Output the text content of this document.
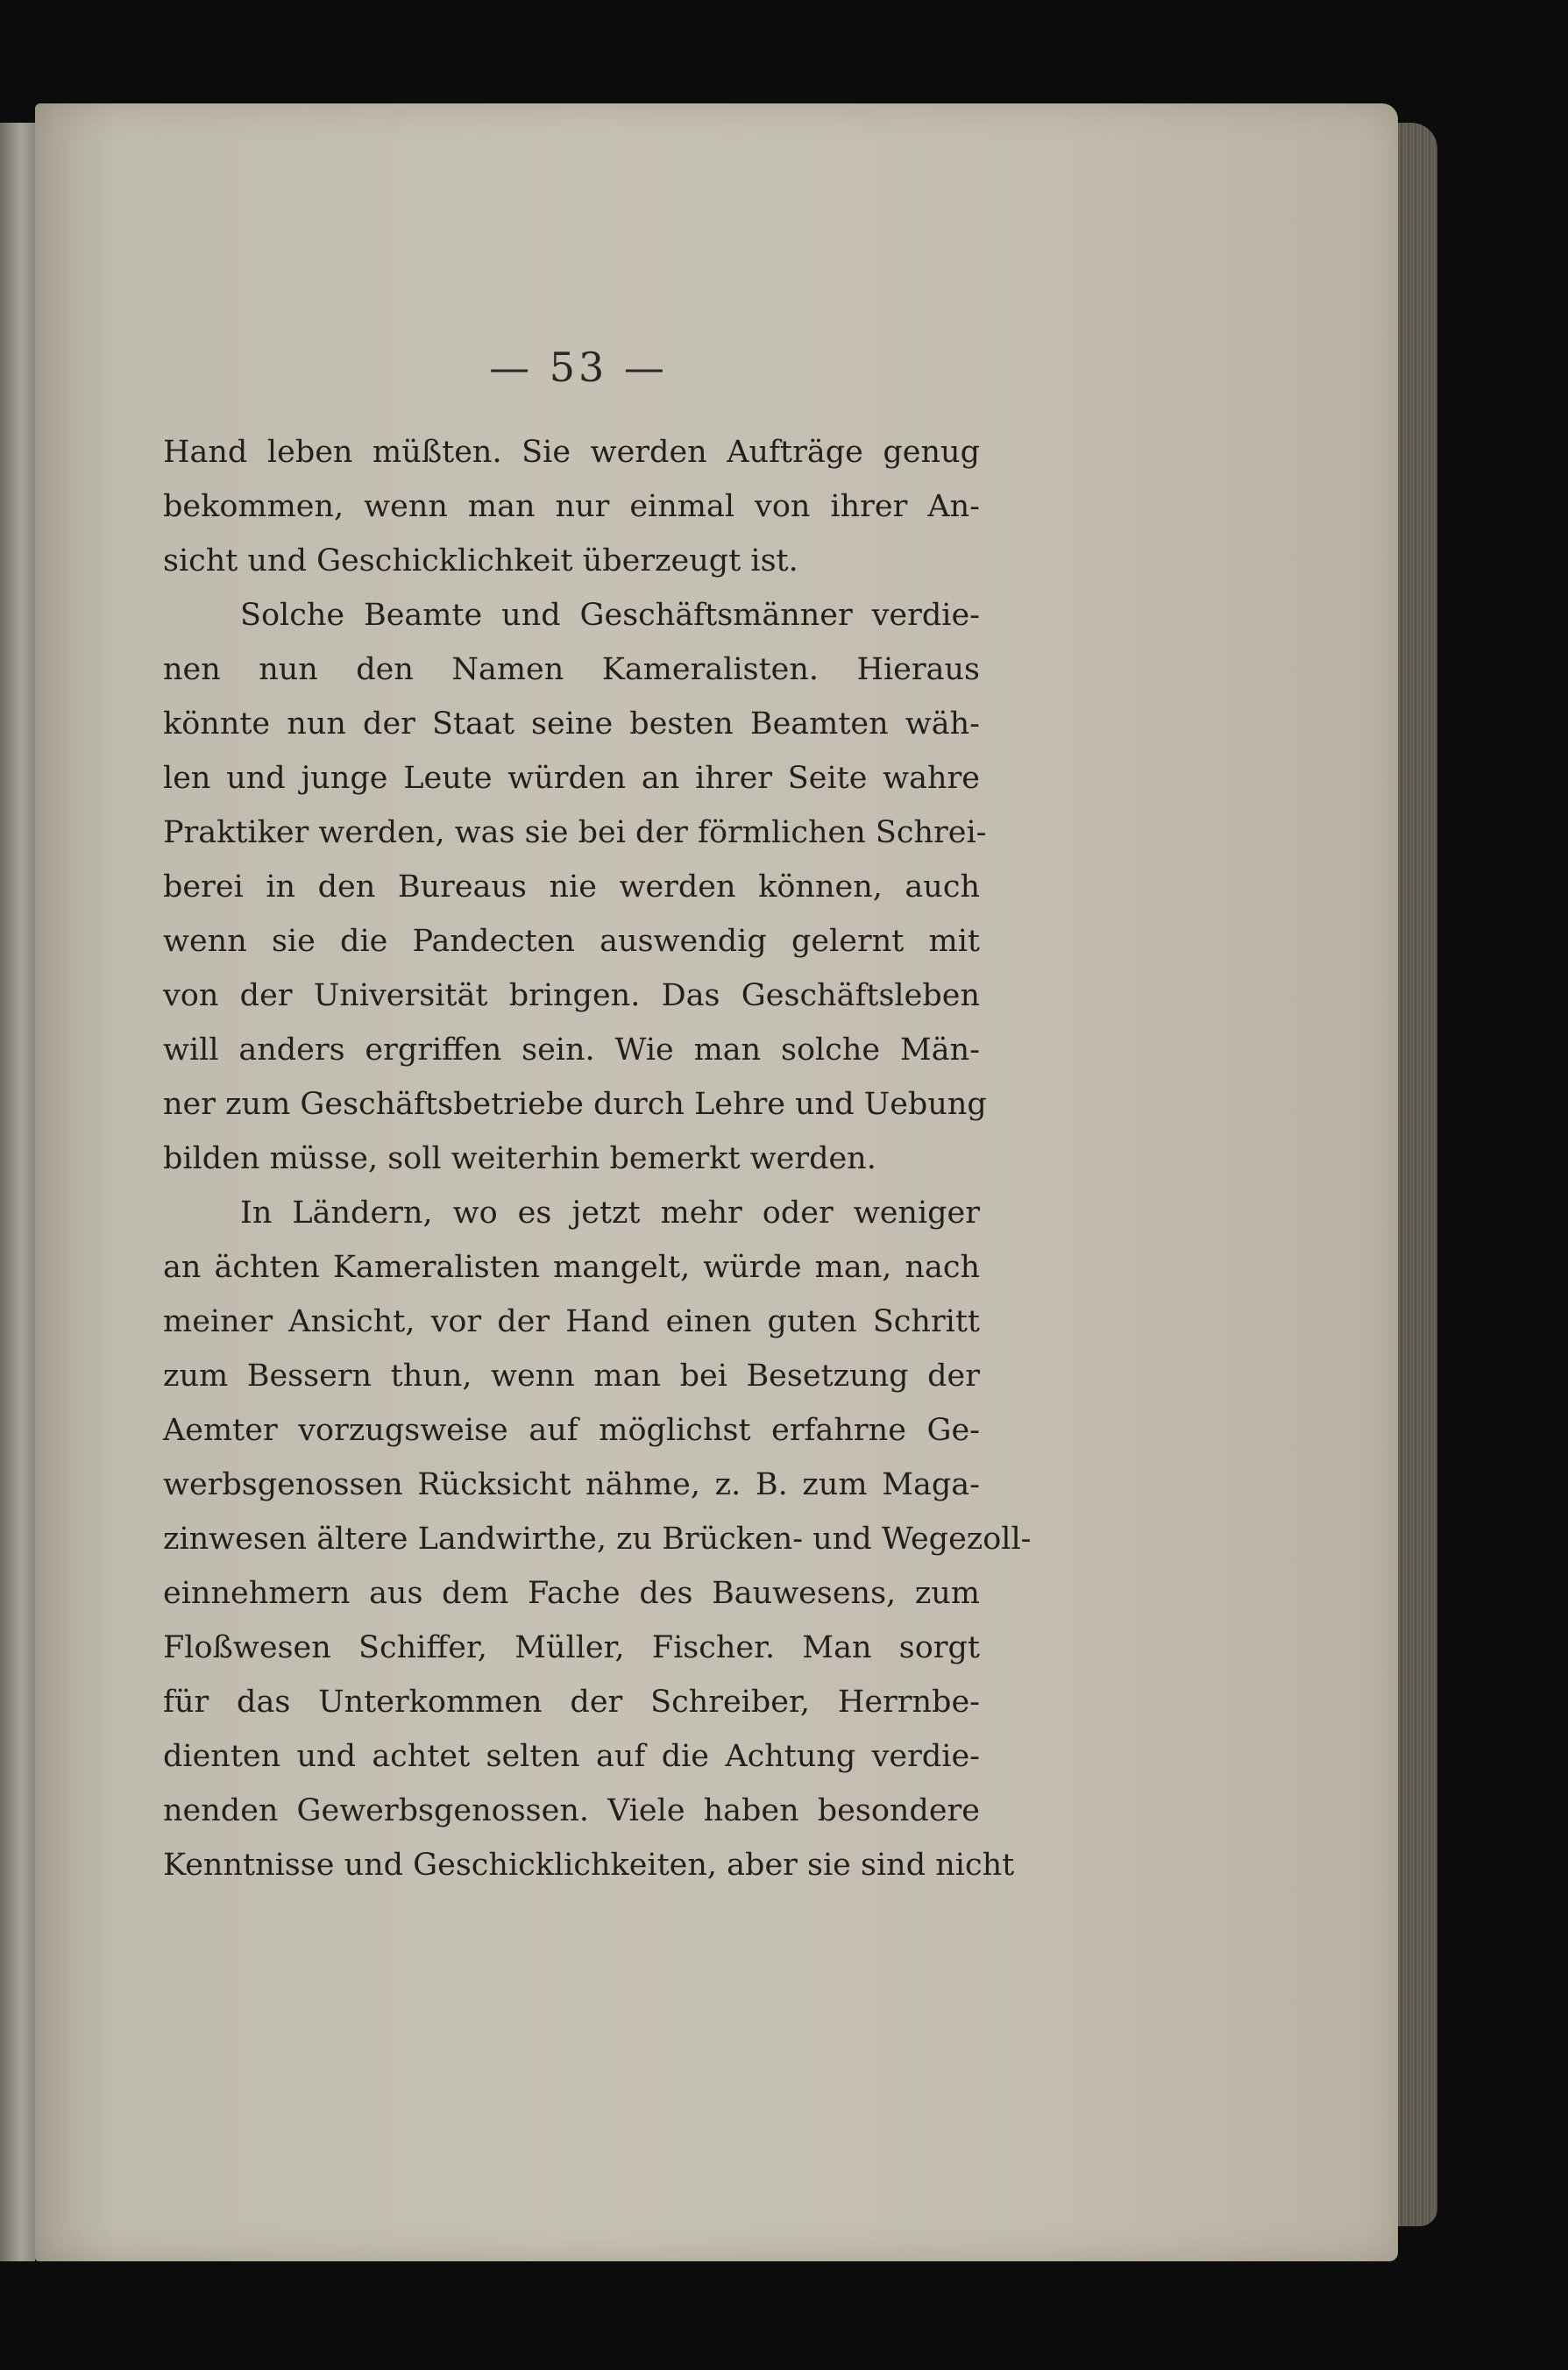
— 53 —
Hand leben müßten. Sie werden Aufträge genug
bekommen, wenn man nur einmal von ihrer An-
sicht und Geschicklichkeit überzeugt ist.
Solche Beamte und Geschäftsmänner verdie-
nen nun den Namen Kameralisten. Hieraus
könnte nun der Staat seine besten Beamten wäh-
len und junge Leute würden an ihrer Seite wahre
Praktiker werden, was sie bei der förmlichen Schrei-
berei in den Bureaus nie werden können, auch
wenn sie die Pandecten auswendig gelernt mit
von der Universität bringen. Das Geschäftsleben
will anders ergriffen sein. Wie man solche Män-
ner zum Geschäftsbetriebe durch Lehre und Uebung
bilden müsse, soll weiterhin bemerkt werden.
In Ländern, wo es jetzt mehr oder weniger
an ächten Kameralisten mangelt, würde man, nach
meiner Ansicht, vor der Hand einen guten Schritt
zum Bessern thun, wenn man bei Besetzung der
Aemter vorzugsweise auf möglichst erfahrne Ge-
werbsgenossen Rücksicht nähme, z. B. zum Maga-
zinwesen ältere Landwirthe, zu Brücken- und Wegezoll-
einnehmern aus dem Fache des Bauwesens, zum
Floßwesen Schiffer, Müller, Fischer. Man sorgt
für das Unterkommen der Schreiber, Herrnbe-
dienten und achtet selten auf die Achtung verdie-
nenden Gewerbsgenossen. Viele haben besondere
Kenntnisse und Geschicklichkeiten, aber sie sind nicht
